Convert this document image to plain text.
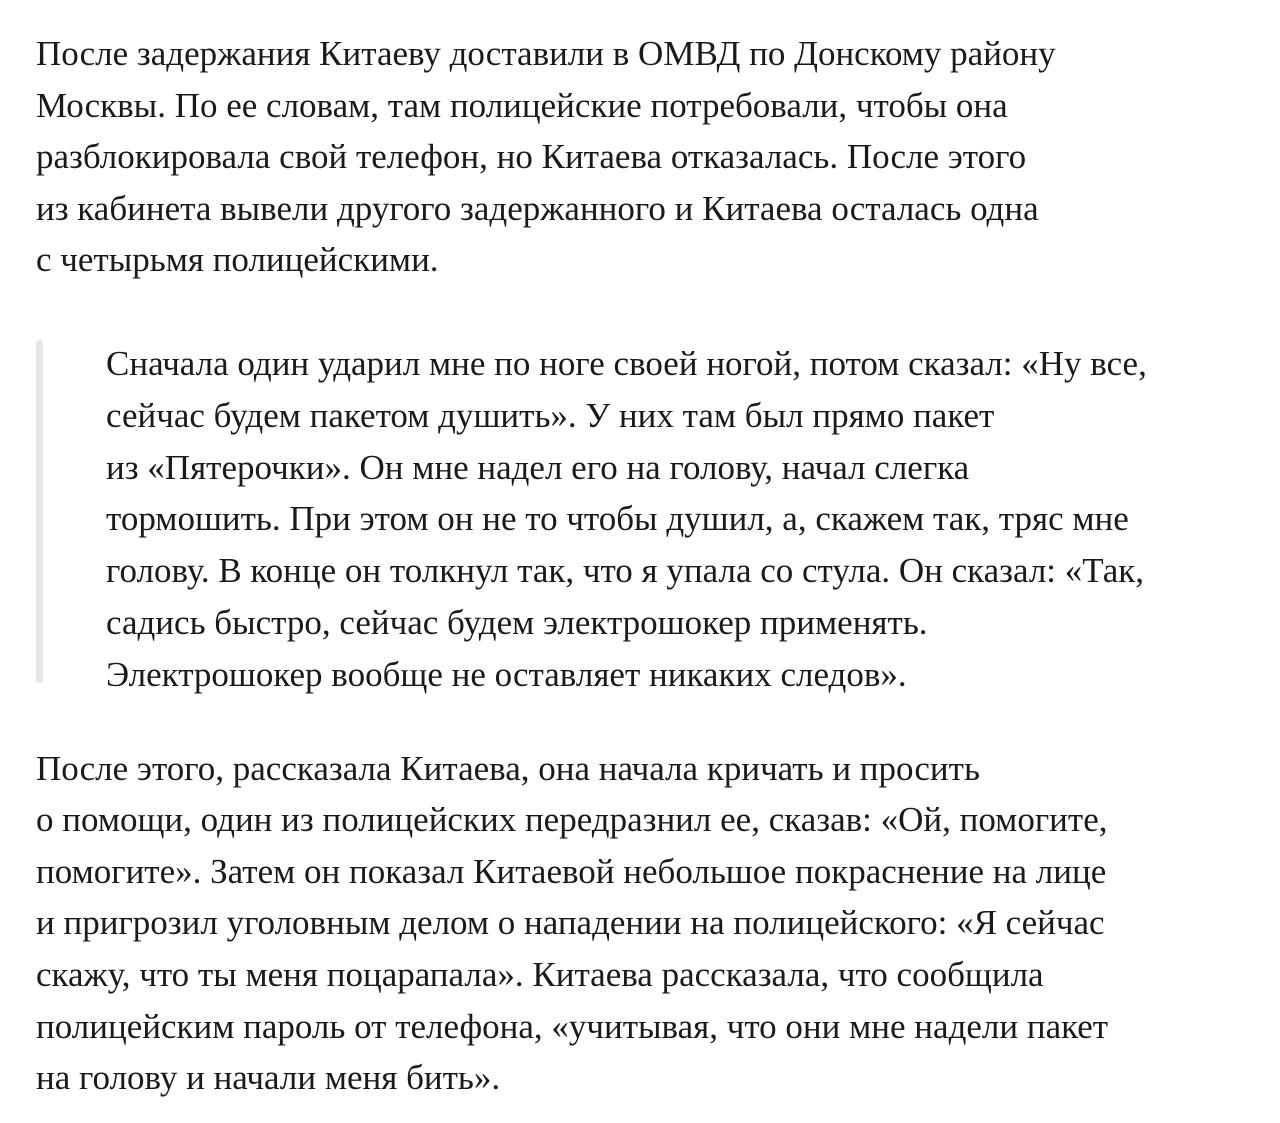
После задержания Китаеву доставили в ОМВД по Донскому району
Москвы. По ее словам, там полицейские потребовали, чтобы она
разблокировала свой телефон, но Китаева отказалась. После этого
из кабинета вывели другого задержанного и Китаева осталась одна
с четырьмя полицейскими.

Сначала один ударил мне по ноге своей ногой, потом сказал: «Ну все,
сейчас будем пакетом душить». У них там был прямо пакет
из «Пятерочки». Он мне надел его на голову, начал слегка
тормошить. При этом он не то чтобы душил, а, скажем так, тряс мне
голову. В конце он толкнул так, что я упала со стула. Он сказал: «Так,
садись быстро, сейчас будем электрошокер применять.
Электрошокер вообще не оставляет никаких следов».

После этого, рассказала Китаева, она начала кричать и просить
о помощи, один из полицейских передразнил ее, сказав: «Ой, помогите,
помогите». Затем он показал Китаевой небольшое покраснение на лице
и пригрозил уголовным делом о нападении на полицейского: «Я сейчас
скажу, что ты меня поцарапала». Китаева рассказала, что сообщила
полицейским пароль от телефона, «учитывая, что они мне надели пакет
на голову и начали меня бить».
